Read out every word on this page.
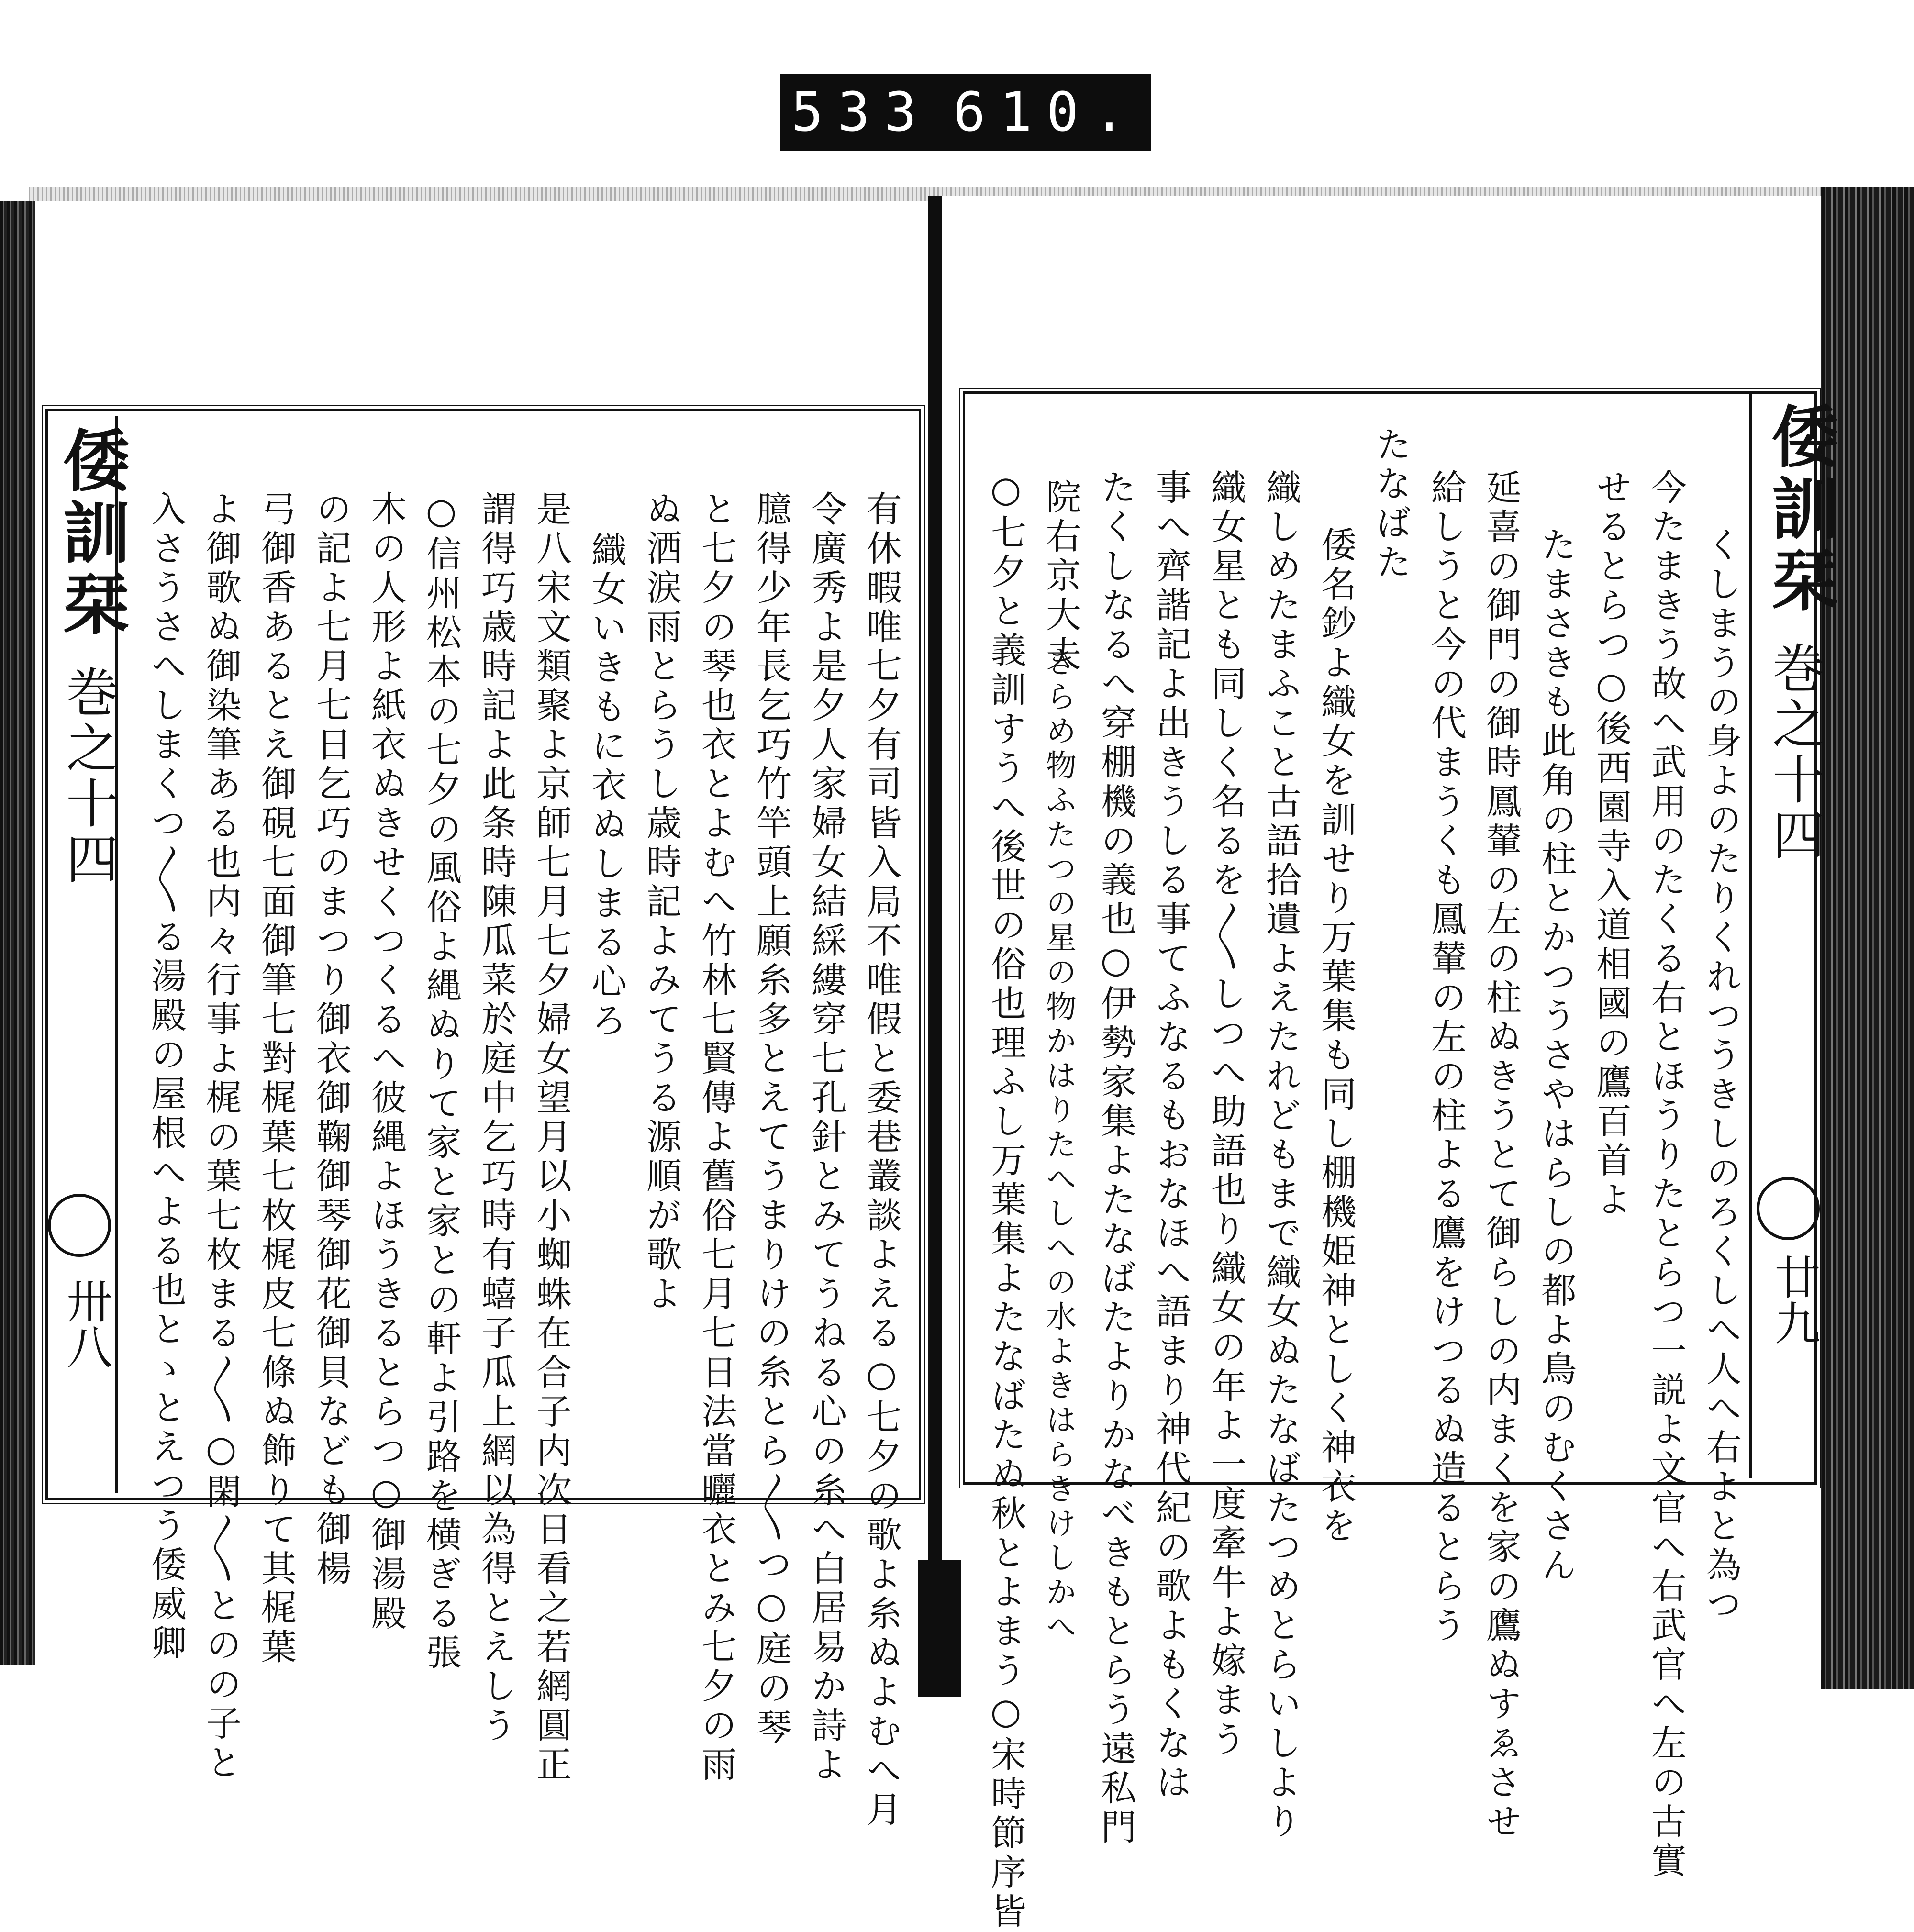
533 610.
倭訓栞
巻之十四
卅八
倭訓栞
巻之十四
廿九
有休暇唯七夕有司皆入局不唯假と委巷叢談よえる○七夕の歌よ糸ぬよむへ月
令廣秀よ是夕人家婦女結綵縷穿七孔針とみてうねる心の糸へ白居易か詩よ
臆得少年長乞巧竹竿頭上願糸多とえてうまりけの糸とら〳〵つ○庭の琴
と七夕の琴也衣とよむへ竹林七賢傳よ舊俗七月七日法當曬衣とみ七夕の雨
ぬ洒涙雨とらうし歳時記よみてうる源順が歌よ
織女いきもに衣ぬしまる心ろ
是八宋文類聚よ京師七月七夕婦女望月以小蜘蛛在合子内次日看之若網圓正
謂得巧歳時記よ此条時陳瓜菜於庭中乞巧時有蟢子瓜上網以為得とえしう
○信州松本の七夕の風俗よ縄ぬりて家と家との軒よ引路を横ぎる張
木の人形よ紙衣ぬきせくつくるへ彼縄よほうきるとらつ○御湯殿
の記よ七月七日乞巧のまつり御衣御鞠御琴御花御貝なども御楊
弓御香あるとえ御硯七面御筆七對梶葉七枚梶皮七條ぬ飾りて其梶葉
よ御歌ぬ御染筆ある也内々行事よ梶の葉七枚まる〳〵○閑〳〵とのの子と
入さうさへしまくつ〳〵る湯殿の屋根へよる也とゝとえつう倭威卿	くしまうの身よのたりくれつうきしのろくしへ人へ右よと為つ
今たまきう故へ武用のたくる右とほうりたとらつ一説よ文官へ右武官へ左の古實
せるとらつ○後西園寺入道相國の鷹百首よ
たまさきも此角の柱とかつうさやはらしの都よ鳥のむくさん
延喜の御門の御時鳳輦の左の柱ぬきうとて御らしの内まくを家の鷹ぬすゑさせ
給しうと今の代まうくも鳳輦の左の柱よる鷹をけつるぬ造るとらう
たなばた
倭名鈔よ織女を訓せり万葉集も同し棚機姫神としく神衣を
織しめたまふこと古語拾遺よえたれどもまで織女ぬたなばたつめとらいしより
織女星とも同しく名るを〳〵しつへ助語也り織女の年よ一度牽牛よ嫁まう
事へ齊諧記よ出きうしる事てふなるもおなほへ語まり神代紀の歌よもくなは
たくしなるへ穿棚機の義也○伊勢家集よたなばたよりかなべきもとらう遠私門
院右京大夫
きらめ物ふたつの星の物かはりたへしへの水よきはらきけしかへ
○七夕と義訓すうへ後世の俗也理ふし万葉集よたなばたぬ秋とよまう○宋時節序皆
